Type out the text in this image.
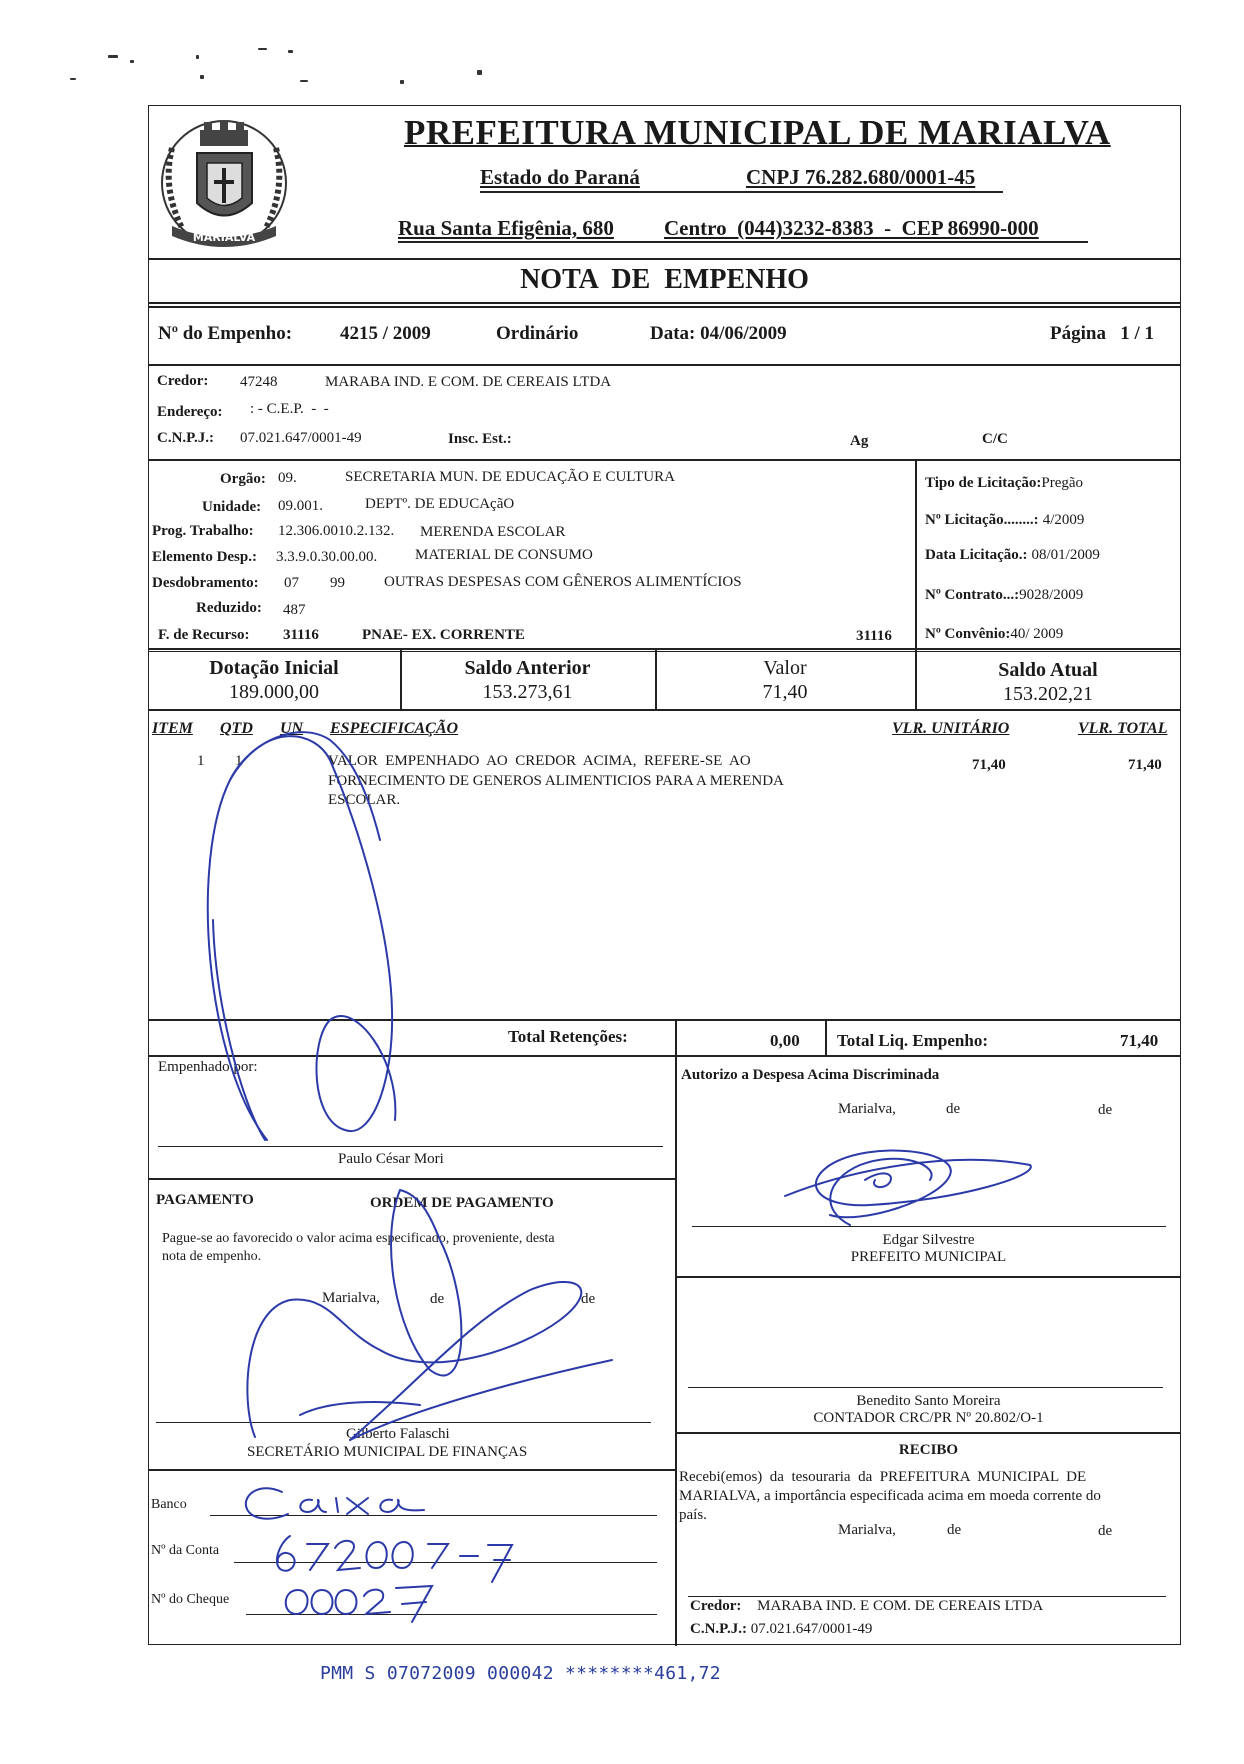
MARIALVA
PREFEITURA MUNICIPAL DE MARIALVA
Estado do Paraná	CNPJ 76.282.680/0001-45
Rua Santa Efigênia, 680 Centro  (044)3232-8383  -  CEP 86990-000
NOTA  DE  EMPENHO
Nº do Empenho:	4215 / 2009	Ordinário	Data: 04/06/2009	Página   1 / 1
Credor: 47248	MARABA IND. E COM. DE CEREAIS LTDA
Endereço: : - C.E.P.  -  -
C.N.P.J.: 07.021.647/0001-49	Insc. Est.:	Ag	C/C
Orgão: 09.	SECRETARIA MUN. DE EDUCAÇÃO E CULTURA
Unidade: 09.001.	DEPTº. DE EDUCAçãO
Prog. Trabalho: 12.306.0010.2.132. MERENDA ESCOLAR
Elemento Desp.: 3.3.9.0.30.00.00.	MATERIAL DE CONSUMO
Desdobramento: 07 99	OUTRAS DESPESAS COM GÊNEROS ALIMENTÍCIOS
Reduzido: 487
F. de Recurso: 31116	PNAE- EX. CORRENTE	31116
Tipo de Licitação:Pregão
Nº Licitação........: 4/2009
Data Licitação.: 08/01/2009
Nº Contrato...:9028/2009
Nº Convênio:40/ 2009
Dotação Inicial
189.000,00
Saldo Anterior
153.273,61
Valor
71,40
Saldo Atual
153.202,21
ITEM QTD UN ESPECIFICAÇÃO	VLR. UNITÁRIO	VLR. TOTAL
1 1	VALOR  EMPENHADO  AO  CREDOR  ACIMA,  REFERE-SE  AO
FORNECIMENTO DE GENEROS ALIMENTICIOS PARA A MERENDA
ESCOLAR.
71,40	71,40
Total Retenções:	0,00 Total Liq. Empenho:	71,40
Empenhado por:
Paulo César Mori
Autorizo a Despesa Acima Discriminada
Marialva,	de	de
Edgar Silvestre
PREFEITO MUNICIPAL
PAGAMENTO	ORDEM DE PAGAMENTO
Pague-se ao favorecido o valor acima especificado, proveniente, desta
nota de empenho.
Marialva,	de	de
Gilberto Falaschi
SECRETÁRIO MUNICIPAL DE FINANÇAS
Benedito Santo Moreira
CONTADOR CRC/PR Nº 20.802/O-1
Banco
Nº da Conta
Nº do Cheque
RECIBO
Recebi(emos)  da  tesouraria  da  PREFEITURA  MUNICIPAL  DE
MARIALVA, a importância especificada acima em moeda corrente do
país.
Marialva,	de	de
Credor: MARABA IND. E COM. DE CEREAIS LTDA
C.N.P.J.: 07.021.647/0001-49
PMM S 07072009 000042 ********461,72
